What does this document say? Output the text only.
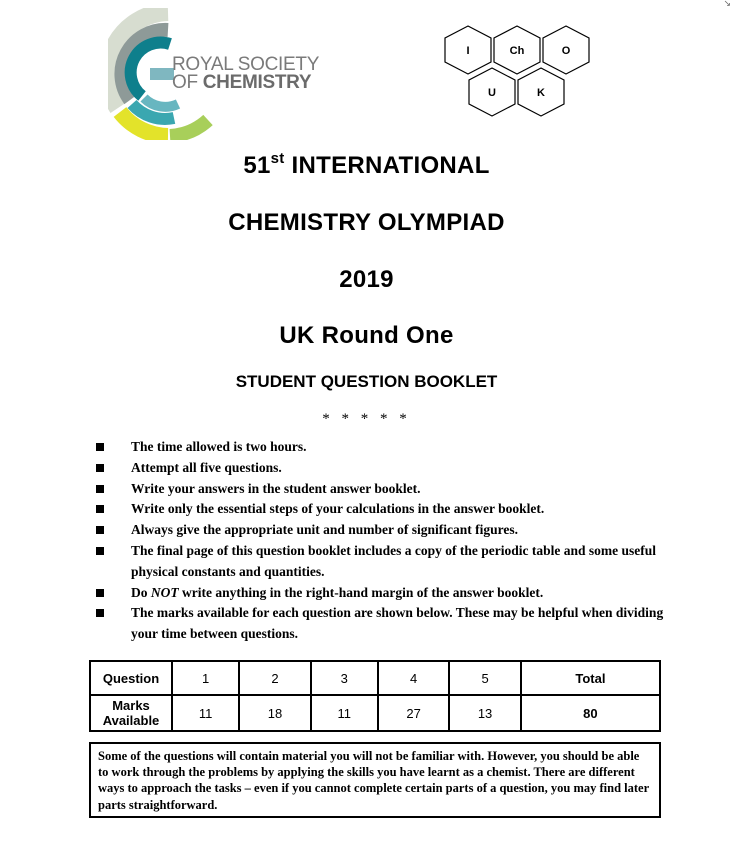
↘
ROYAL SOCIETY
OF CHEMISTRY
I	Ch	O
U	K
51st INTERNATIONAL
CHEMISTRY OLYMPIAD
2019
UK Round One
STUDENT QUESTION BOOKLET
* * * * *
The time allowed is two hours.
Attempt all five questions.
Write your answers in the student answer booklet.
Write only the essential steps of your calculations in the answer booklet.
Always give the appropriate unit and number of significant figures.
The final page of this question booklet includes a copy of the periodic table and some useful physical constants and quantities.
Do NOT write anything in the right-hand margin of the answer booklet.
The marks available for each question are shown below. These may be helpful when dividing your time between questions.
Question	1	2	3	4	5	Total
Marks
Available	11	18	11	27	13	80
Some of the questions will contain material you will not be familiar with. However, you should be able to work through the problems by applying the skills you have learnt as a chemist. There are different ways to approach the tasks – even if you cannot complete certain parts of a question, you may find later parts straightforward.
